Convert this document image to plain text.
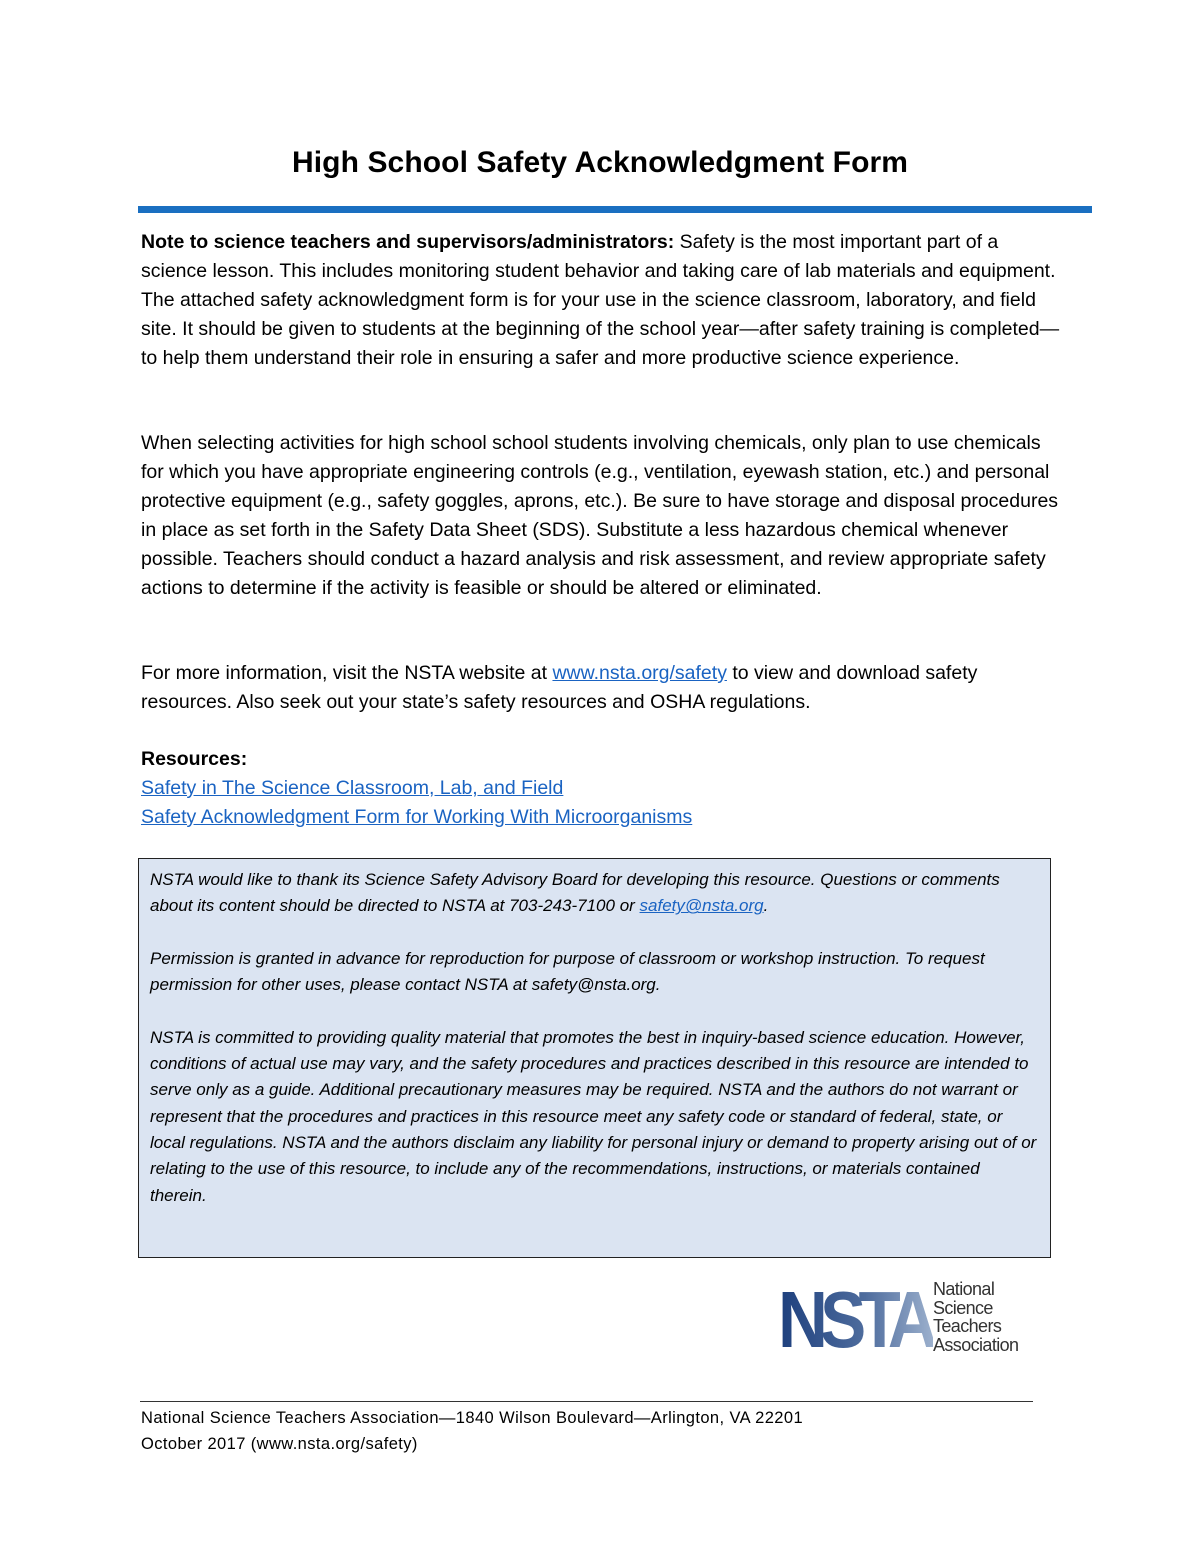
High School Safety Acknowledgment Form

Note to science teachers and supervisors/administrators: Safety is the most important part of a science lesson. This includes monitoring student behavior and taking care of lab materials and equipment. The attached safety acknowledgment form is for your use in the science classroom, laboratory, and field site. It should be given to students at the beginning of the school year—after safety training is completed—to help them understand their role in ensuring a safer and more productive science experience.

When selecting activities for high school school students involving chemicals, only plan to use chemicals for which you have appropriate engineering controls (e.g., ventilation, eyewash station, etc.) and personal protective equipment (e.g., safety goggles, aprons, etc.). Be sure to have storage and disposal procedures in place as set forth in the Safety Data Sheet (SDS). Substitute a less hazardous chemical whenever possible. Teachers should conduct a hazard analysis and risk assessment, and review appropriate safety actions to determine if the activity is feasible or should be altered or eliminated.

For more information, visit the NSTA website at www.nsta.org/safety to view and download safety resources. Also seek out your state’s safety resources and OSHA regulations.

Resources:
Safety in The Science Classroom, Lab, and Field
Safety Acknowledgment Form for Working With Microorganisms

NSTA would like to thank its Science Safety Advisory Board for developing this resource. Questions or comments about its content should be directed to NSTA at 703-243-7100 or safety@nsta.org.

Permission is granted in advance for reproduction for purpose of classroom or workshop instruction. To request permission for other uses, please contact NSTA at safety@nsta.org.

NSTA is committed to providing quality material that promotes the best in inquiry-based science education. However, conditions of actual use may vary, and the safety procedures and practices described in this resource are intended to serve only as a guide. Additional precautionary measures may be required. NSTA and the authors do not warrant or represent that the procedures and practices in this resource meet any safety code or standard of federal, state, or local regulations. NSTA and the authors disclaim any liability for personal injury or demand to property arising out of or relating to the use of this resource, to include any of the recommendations, instructions, or materials contained therein.

NSTA
National
Science
Teachers
Association
National Science Teachers Association—1840 Wilson Boulevard—Arlington, VA 22201
October 2017 (www.nsta.org/safety)
